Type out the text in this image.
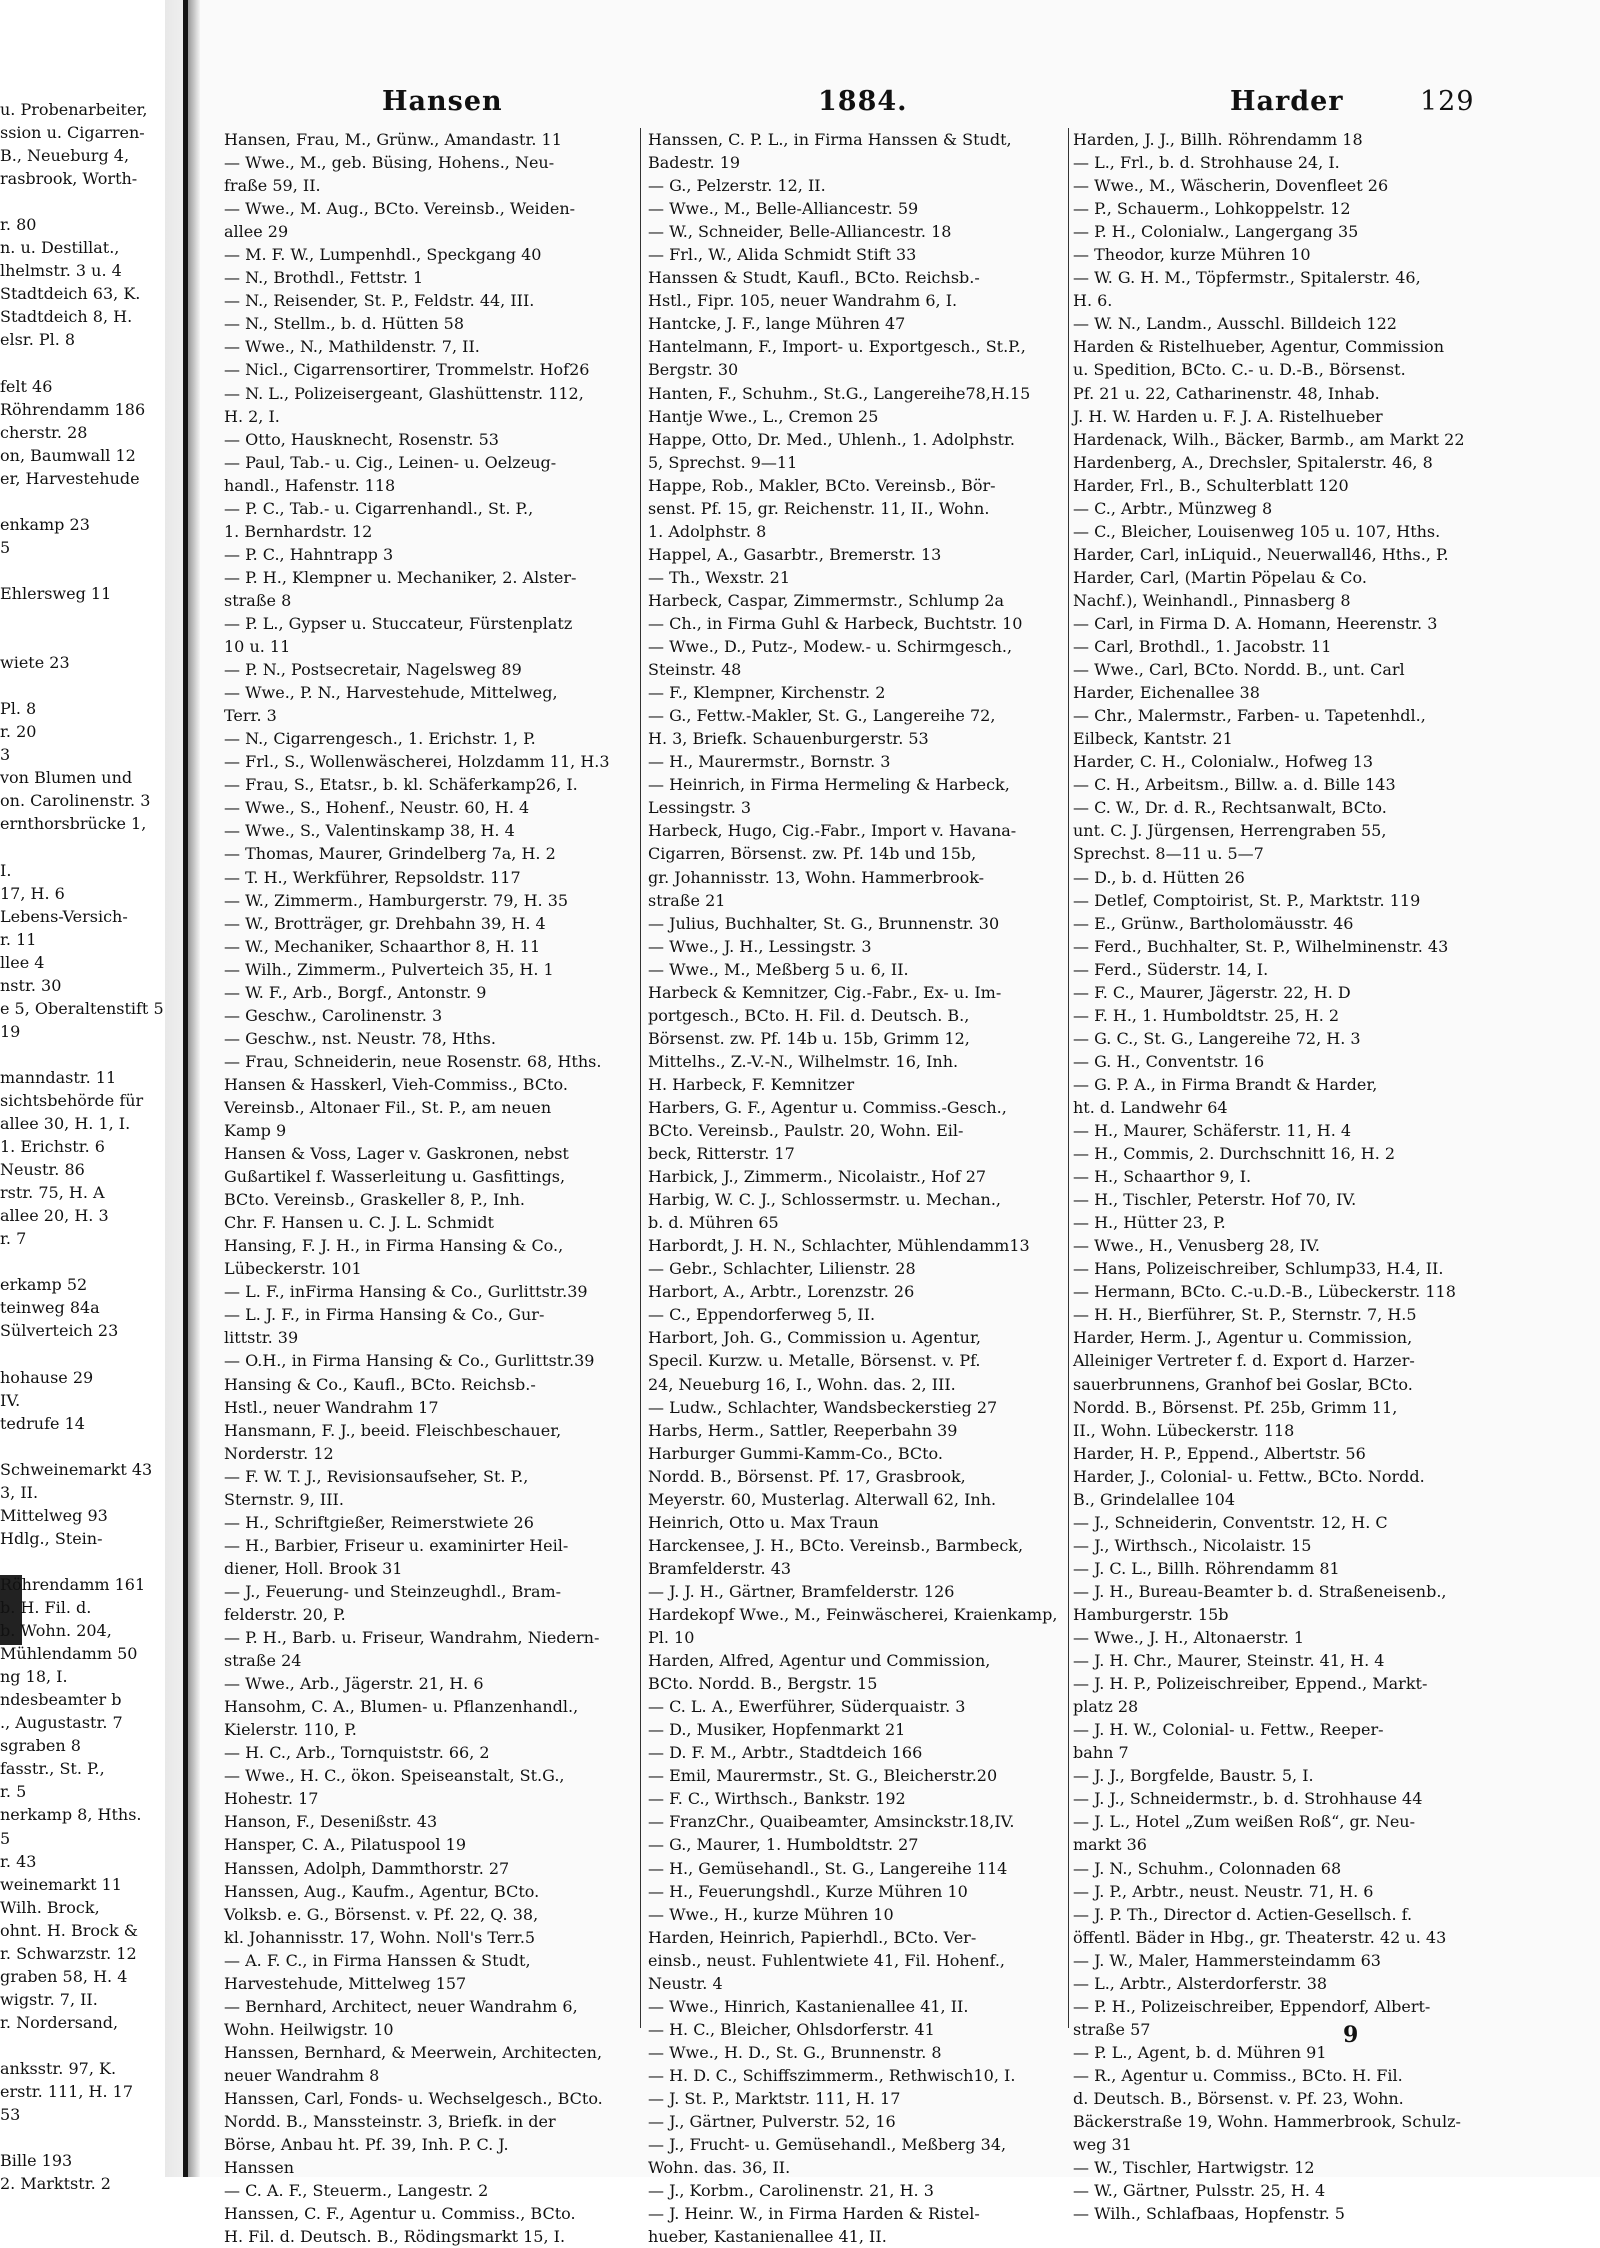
u. Probenarbeiter,
ssion u. Cigarren-
B., Neueburg 4,
rasbrook, Worth-
r. 80
n. u. Destillat.,
lhelmstr. 3 u. 4
Stadtdeich 63, K.
Stadtdeich 8, H.
elsr. Pl. 8
felt 46
Röhrendamm 186
cherstr. 28
on, Baumwall 12
er, Harvestehude
enkamp 23
5
Ehlersweg 11
wiete 23
Pl. 8
r. 20
3
von Blumen und
on. Carolinenstr. 3
ernthorsbrücke 1,
I.
17, H. 6
Lebens-Versich-
r. 11
llee 4
nstr. 30
e 5, Oberaltenstift 5
19
manndastr. 11
sichtsbehörde für
allee 30, H. 1, I.
1. Erichstr. 6
Neustr. 86
rstr. 75, H. A
allee 20, H. 3
r. 7
erkamp 52
teinweg 84a
Sülverteich 23
hohause 29
IV.
tedrufe 14
Schweinemarkt 43
3, II.
Mittelweg 93
Hdlg., Stein-
Röhrendamm 161
b. H. Fil. d.
b. Wohn. 204,
Mühlendamm 50
ng 18, I.
ndesbeamter b
., Augustastr. 7
sgraben 8
fasstr., St. P.,
r. 5
nerkamp 8, Hths.
5
r. 43
weinemarkt 11
Wilh. Brock,
ohnt. H. Brock &
r. Schwarzstr. 12
graben 58, H. 4
wigstr. 7, II.
r. Nordersand,
anksstr. 97, K.
erstr. 111, H. 17
53
Bille 193
2. Marktstr. 2
Hansen	1884.	Harder	129
Hansen, Frau, M., Grünw., Amandastr. 11
— Wwe., M., geb. Büsing, Hohens., Neu-
fraße 59, II.
— Wwe., M. Aug., BCto. Vereinsb., Weiden-
allee 29
— M. F. W., Lumpenhdl., Speckgang 40
— N., Brothdl., Fettstr. 1
— N., Reisender, St. P., Feldstr. 44, III.
— N., Stellm., b. d. Hütten 58
— Wwe., N., Mathildenstr. 7, II.
— Nicl., Cigarrensortirer, Trommelstr. Hof26
— N. L., Polizeisergeant, Glashüttenstr. 112,
H. 2, I.
— Otto, Hausknecht, Rosenstr. 53
— Paul, Tab.- u. Cig., Leinen- u. Oelzeug-
handl., Hafenstr. 118
— P. C., Tab.- u. Cigarrenhandl., St. P.,
1. Bernhardstr. 12
— P. C., Hahntrapp 3
— P. H., Klempner u. Mechaniker, 2. Alster-
straße 8
— P. L., Gypser u. Stuccateur, Fürstenplatz
10 u. 11
— P. N., Postsecretair, Nagelsweg 89
— Wwe., P. N., Harvestehude, Mittelweg,
Terr. 3
— N., Cigarrengesch., 1. Erichstr. 1, P.
— Frl., S., Wollenwäscherei, Holzdamm 11, H.3
— Frau, S., Etatsr., b. kl. Schäferkamp26, I.
— Wwe., S., Hohenf., Neustr. 60, H. 4
— Wwe., S., Valentinskamp 38, H. 4
— Thomas, Maurer, Grindelberg 7a, H. 2
— T. H., Werkführer, Repsoldstr. 117
— W., Zimmerm., Hamburgerstr. 79, H. 35
— W., Brotträger, gr. Drehbahn 39, H. 4
— W., Mechaniker, Schaarthor 8, H. 11
— Wilh., Zimmerm., Pulverteich 35, H. 1
— W. F., Arb., Borgf., Antonstr. 9
— Geschw., Carolinenstr. 3
— Geschw., nst. Neustr. 78, Hths.
— Frau, Schneiderin, neue Rosenstr. 68, Hths.
Hansen & Hasskerl, Vieh-Commiss., BCto.
Vereinsb., Altonaer Fil., St. P., am neuen
Kamp 9
Hansen & Voss, Lager v. Gaskronen, nebst
Gußartikel f. Wasserleitung u. Gasfittings,
BCto. Vereinsb., Graskeller 8, P., Inh.
Chr. F. Hansen u. C. J. L. Schmidt
Hansing, F. J. H., in Firma Hansing & Co.,
Lübeckerstr. 101
— L. F., inFirma Hansing & Co., Gurlittstr.39
— L. J. F., in Firma Hansing & Co., Gur-
littstr. 39
— O.H., in Firma Hansing & Co., Gurlittstr.39
Hansing & Co., Kaufl., BCto. Reichsb.-
Hstl., neuer Wandrahm 17
Hansmann, F. J., beeid. Fleischbeschauer,
Norderstr. 12
— F. W. T. J., Revisionsaufseher, St. P.,
Sternstr. 9, III.
— H., Schriftgießer, Reimerstwiete 26
— H., Barbier, Friseur u. examinirter Heil-
diener, Holl. Brook 31
— J., Feuerung- und Steinzeughdl., Bram-
felderstr. 20, P.
— P. H., Barb. u. Friseur, Wandrahm, Niedern-
straße 24
— Wwe., Arb., Jägerstr. 21, H. 6
Hansohm, C. A., Blumen- u. Pflanzenhandl.,
Kielerstr. 110, P.
— H. C., Arb., Tornquiststr. 66, 2
— Wwe., H. C., ökon. Speiseanstalt, St.G.,
Hohestr. 17
Hanson, F., Desenißstr. 43
Hansper, C. A., Pilatuspool 19
Hanssen, Adolph, Dammthorstr. 27
Hanssen, Aug., Kaufm., Agentur, BCto.
Volksb. e. G., Börsenst. v. Pf. 22, Q. 38,
kl. Johannisstr. 17, Wohn. Noll's Terr.5
— A. F. C., in Firma Hanssen & Studt,
Harvestehude, Mittelweg 157
— Bernhard, Architect, neuer Wandrahm 6,
Wohn. Heilwigstr. 10
Hanssen, Bernhard, & Meerwein, Architecten,
neuer Wandrahm 8
Hanssen, Carl, Fonds- u. Wechselgesch., BCto.
Nordd. B., Manssteinstr. 3, Briefk. in der
Börse, Anbau ht. Pf. 39, Inh. P. C. J.
Hanssen
— C. A. F., Steuerm., Langestr. 2
Hanssen, C. F., Agentur u. Commiss., BCto.
H. Fil. d. Deutsch. B., Rödingsmarkt 15, I.
Hanssen, C. P. L., in Firma Hanssen & Studt,
Badestr. 19
— G., Pelzerstr. 12, II.
— Wwe., M., Belle-Alliancestr. 59
— W., Schneider, Belle-Alliancestr. 18
— Frl., W., Alida Schmidt Stift 33
Hanssen & Studt, Kaufl., BCto. Reichsb.-
Hstl., Fipr. 105, neuer Wandrahm 6, I.
Hantcke, J. F., lange Mühren 47
Hantelmann, F., Import- u. Exportgesch., St.P.,
Bergstr. 30
Hanten, F., Schuhm., St.G., Langereihe78,H.15
Hantje Wwe., L., Cremon 25
Happe, Otto, Dr. Med., Uhlenh., 1. Adolphstr.
5, Sprechst. 9—11
Happe, Rob., Makler, BCto. Vereinsb., Bör-
senst. Pf. 15, gr. Reichenstr. 11, II., Wohn.
1. Adolphstr. 8
Happel, A., Gasarbtr., Bremerstr. 13
— Th., Wexstr. 21
Harbeck, Caspar, Zimmermstr., Schlump 2a
— Ch., in Firma Guhl & Harbeck, Buchtstr. 10
— Wwe., D., Putz-, Modew.- u. Schirmgesch.,
Steinstr. 48
— F., Klempner, Kirchenstr. 2
— G., Fettw.-Makler, St. G., Langereihe 72,
H. 3, Briefk. Schauenburgerstr. 53
— H., Maurermstr., Bornstr. 3
— Heinrich, in Firma Hermeling & Harbeck,
Lessingstr. 3
Harbeck, Hugo, Cig.-Fabr., Import v. Havana-
Cigarren, Börsenst. zw. Pf. 14b und 15b,
gr. Johannisstr. 13, Wohn. Hammerbrook-
straße 21
— Julius, Buchhalter, St. G., Brunnenstr. 30
— Wwe., J. H., Lessingstr. 3
— Wwe., M., Meßberg 5 u. 6, II.
Harbeck & Kemnitzer, Cig.-Fabr., Ex- u. Im-
portgesch., BCto. H. Fil. d. Deutsch. B.,
Börsenst. zw. Pf. 14b u. 15b, Grimm 12,
Mittelhs., Z.-V.-N., Wilhelmstr. 16, Inh.
H. Harbeck, F. Kemnitzer
Harbers, G. F., Agentur u. Commiss.-Gesch.,
BCto. Vereinsb., Paulstr. 20, Wohn. Eil-
beck, Ritterstr. 17
Harbick, J., Zimmerm., Nicolaistr., Hof 27
Harbig, W. C. J., Schlossermstr. u. Mechan.,
b. d. Mühren 65
Harbordt, J. H. N., Schlachter, Mühlendamm13
— Gebr., Schlachter, Lilienstr. 28
Harbort, A., Arbtr., Lorenzstr. 26
— C., Eppendorferweg 5, II.
Harbort, Joh. G., Commission u. Agentur,
Specil. Kurzw. u. Metalle, Börsenst. v. Pf.
24, Neueburg 16, I., Wohn. das. 2, III.
— Ludw., Schlachter, Wandsbeckerstieg 27
Harbs, Herm., Sattler, Reeperbahn 39
Harburger Gummi-Kamm-Co., BCto.
Nordd. B., Börsenst. Pf. 17, Grasbrook,
Meyerstr. 60, Musterlag. Alterwall 62, Inh.
Heinrich, Otto u. Max Traun
Harckensee, J. H., BCto. Vereinsb., Barmbeck,
Bramfelderstr. 43
— J. J. H., Gärtner, Bramfelderstr. 126
Hardekopf Wwe., M., Feinwäscherei, Kraienkamp,
Pl. 10
Harden, Alfred, Agentur und Commission,
BCto. Nordd. B., Bergstr. 15
— C. L. A., Ewerführer, Süderquaistr. 3
— D., Musiker, Hopfenmarkt 21
— D. F. M., Arbtr., Stadtdeich 166
— Emil, Maurermstr., St. G., Bleicherstr.20
— F. C., Wirthsch., Bankstr. 192
— FranzChr., Quaibeamter, Amsinckstr.18,IV.
— G., Maurer, 1. Humboldtstr. 27
— H., Gemüsehandl., St. G., Langereihe 114
— H., Feuerungshdl., Kurze Mühren 10
— Wwe., H., kurze Mühren 10
Harden, Heinrich, Papierhdl., BCto. Ver-
einsb., neust. Fuhlentwiete 41, Fil. Hohenf.,
Neustr. 4
— Wwe., Hinrich, Kastanienallee 41, II.
— H. C., Bleicher, Ohlsdorferstr. 41
— Wwe., H. D., St. G., Brunnenstr. 8
— H. D. C., Schiffszimmerm., Rethwisch10, I.
— J. St. P., Marktstr. 111, H. 17
— J., Gärtner, Pulverstr. 52, 16
— J., Frucht- u. Gemüsehandl., Meßberg 34,
Wohn. das. 36, II.
— J., Korbm., Carolinenstr. 21, H. 3
— J. Heinr. W., in Firma Harden & Ristel-
hueber, Kastanienallee 41, II.
Harden, J. J., Billh. Röhrendamm 18
— L., Frl., b. d. Strohhause 24, I.
— Wwe., M., Wäscherin, Dovenfleet 26
— P., Schauerm., Lohkoppelstr. 12
— P. H., Colonialw., Langergang 35
— Theodor, kurze Mühren 10
— W. G. H. M., Töpfermstr., Spitalerstr. 46,
H. 6.
— W. N., Landm., Ausschl. Billdeich 122
Harden & Ristelhueber, Agentur, Commission
u. Spedition, BCto. C.- u. D.-B., Börsenst.
Pf. 21 u. 22, Catharinenstr. 48, Inhab.
J. H. W. Harden u. F. J. A. Ristelhueber
Hardenack, Wilh., Bäcker, Barmb., am Markt 22
Hardenberg, A., Drechsler, Spitalerstr. 46, 8
Harder, Frl., B., Schulterblatt 120
— C., Arbtr., Münzweg 8
— C., Bleicher, Louisenweg 105 u. 107, Hths.
Harder, Carl, inLiquid., Neuerwall46, Hths., P.
Harder, Carl, (Martin Pöpelau & Co.
Nachf.), Weinhandl., Pinnasberg 8
— Carl, in Firma D. A. Homann, Heerenstr. 3
— Carl, Brothdl., 1. Jacobstr. 11
— Wwe., Carl, BCto. Nordd. B., unt. Carl
Harder, Eichenallee 38
— Chr., Malermstr., Farben- u. Tapetenhdl.,
Eilbeck, Kantstr. 21
Harder, C. H., Colonialw., Hofweg 13
— C. H., Arbeitsm., Billw. a. d. Bille 143
— C. W., Dr. d. R., Rechtsanwalt, BCto.
unt. C. J. Jürgensen, Herrengraben 55,
Sprechst. 8—11 u. 5—7
— D., b. d. Hütten 26
— Detlef, Comptoirist, St. P., Marktstr. 119
— E., Grünw., Bartholomäusstr. 46
— Ferd., Buchhalter, St. P., Wilhelminenstr. 43
— Ferd., Süderstr. 14, I.
— F. C., Maurer, Jägerstr. 22, H. D
— F. H., 1. Humboldtstr. 25, H. 2
— G. C., St. G., Langereihe 72, H. 3
— G. H., Conventstr. 16
— G. P. A., in Firma Brandt & Harder,
ht. d. Landwehr 64
— H., Maurer, Schäferstr. 11, H. 4
— H., Commis, 2. Durchschnitt 16, H. 2
— H., Schaarthor 9, I.
— H., Tischler, Peterstr. Hof 70, IV.
— H., Hütter 23, P.
— Wwe., H., Venusberg 28, IV.
— Hans, Polizeischreiber, Schlump33, H.4, II.
— Hermann, BCto. C.-u.D.-B., Lübeckerstr. 118
— H. H., Bierführer, St. P., Sternstr. 7, H.5
Harder, Herm. J., Agentur u. Commission,
Alleiniger Vertreter f. d. Export d. Harzer-
sauerbrunnens, Granhof bei Goslar, BCto.
Nordd. B., Börsenst. Pf. 25b, Grimm 11,
II., Wohn. Lübeckerstr. 118
Harder, H. P., Eppend., Albertstr. 56
Harder, J., Colonial- u. Fettw., BCto. Nordd.
B., Grindelallee 104
— J., Schneiderin, Conventstr. 12, H. C
— J., Wirthsch., Nicolaistr. 15
— J. C. L., Billh. Röhrendamm 81
— J. H., Bureau-Beamter b. d. Straßeneisenb.,
Hamburgerstr. 15b
— Wwe., J. H., Altonaerstr. 1
— J. H. Chr., Maurer, Steinstr. 41, H. 4
— J. H. P., Polizeischreiber, Eppend., Markt-
platz 28
— J. H. W., Colonial- u. Fettw., Reeper-
bahn 7
— J. J., Borgfelde, Baustr. 5, I.
— J. J., Schneidermstr., b. d. Strohhause 44
— J. L., Hotel „Zum weißen Roß“, gr. Neu-
markt 36
— J. N., Schuhm., Colonnaden 68
— J. P., Arbtr., neust. Neustr. 71, H. 6
— J. P. Th., Director d. Actien-Gesellsch. f.
öffentl. Bäder in Hbg., gr. Theaterstr. 42 u. 43
— J. W., Maler, Hammersteindamm 63
— L., Arbtr., Alsterdorferstr. 38
— P. H., Polizeischreiber, Eppendorf, Albert-
straße 57
— P. L., Agent, b. d. Mühren 91
— R., Agentur u. Commiss., BCto. H. Fil.
d. Deutsch. B., Börsenst. v. Pf. 23, Wohn.
Bäckerstraße 19, Wohn. Hammerbrook, Schulz-
weg 31
— W., Tischler, Hartwigstr. 12
— W., Gärtner, Pulsstr. 25, H. 4
— Wilh., Schlafbaas, Hopfenstr. 5
9
